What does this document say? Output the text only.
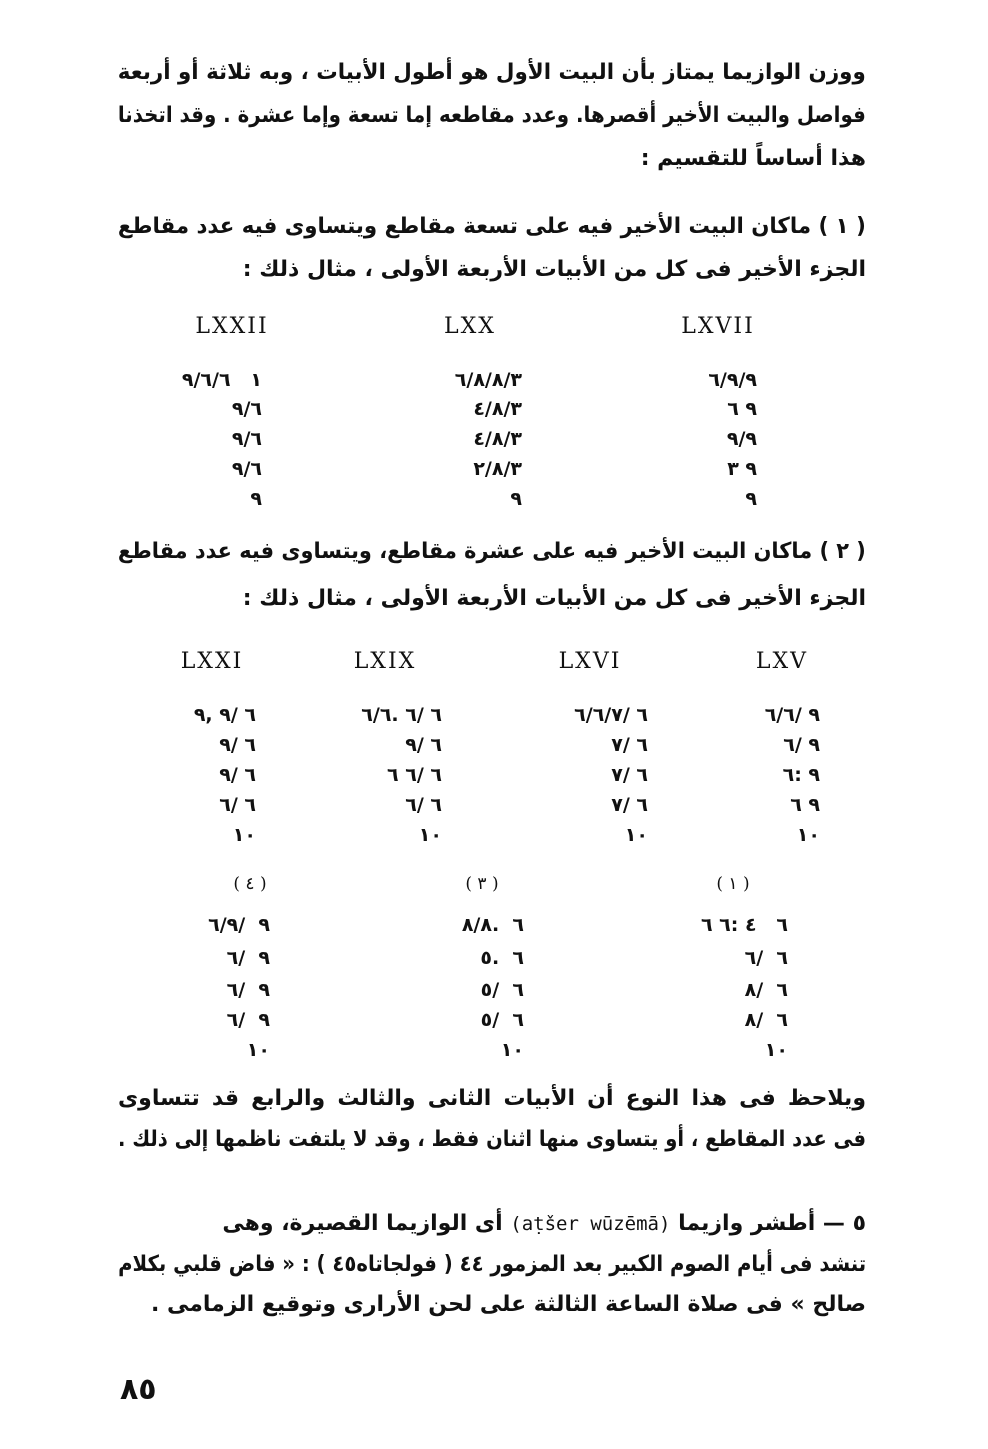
ووزن الوازيما يمتاز بأن البيت الأول هو أطول الأبيات ، وبه ثلاثة أو أربعة
فواصل والبيت الأخير أقصرها. وعدد مقاطعه إما تسعة وإما عشرة . وقد اتخذنا
هذا أساساً للتقسيم :
( ١ ) ماكان البيت الأخير فيه على تسعة مقاطع ويتساوى فيه عدد مقاطع
الجزء الأخير فى كل من الأبيات الأربعة الأولى ، مثال ذلك :
LXXII
٩/٦/٦   ١
٩/٦
٩/٦
٩/٦
٩
LXX
٦/٨/٨/٣
٤/٨/٣
٤/٨/٣
٢/٨/٣
٩
LXVII
٦/٩/٩
٦ ٩
٩/٩
٣ ٩
٩
( ٢ ) ماكان البيت الأخير فيه على عشرة مقاطع، ويتساوى فيه عدد مقاطع
الجزء الأخير فى كل من الأبيات الأربعة الأولى ، مثال ذلك :
LXXI
٩, ٩/ ٦
٩/ ٦
٩/ ٦
٦/ ٦
١٠
LXIX
٦/٦. ٦/ ٦
٩/ ٦
٦ ٦/ ٦
٦/ ٦
١٠
LXVI
٦/٦/٧/ ٦
٧/ ٦
٧/ ٦
٧/ ٦
١٠
LXV
٦/٦/ ٩
٦/ ٩
٦: ٩
٦ ٩
١٠
( ٤ )
٦/٩/  ٩
٦/  ٩
٦/  ٩
٦/  ٩
١٠
( ٣ )
٨/٨.  ٦
٥.  ٦
٥/  ٦
٥/  ٦
١٠
( ١ )
٦ ٦: ٤   ٦
٦/  ٦
٨/  ٦
٨/  ٦
١٠
ويلاحظ فى هذا النوع أن الأبيات الثانى والثالث والرابع قد تتساوى
فى عدد المقاطع ، أو يتساوى منها اثنان فقط ، وقد لا يلتفت ناظمها إلى ذلك .
٥ — أطشر وازيما (aṭšer wūzēmā) أى الوازيما القصيرة، وهى
تنشد فى أيام الصوم الكبير بعد المزمور ٤٤ ( فولجاتاه٤٥ ) : « فاض قلبي بكلام
صالح » فى صلاة الساعة الثالثة على لحن الأرارى وتوقيع الزمامى .
٨٥
